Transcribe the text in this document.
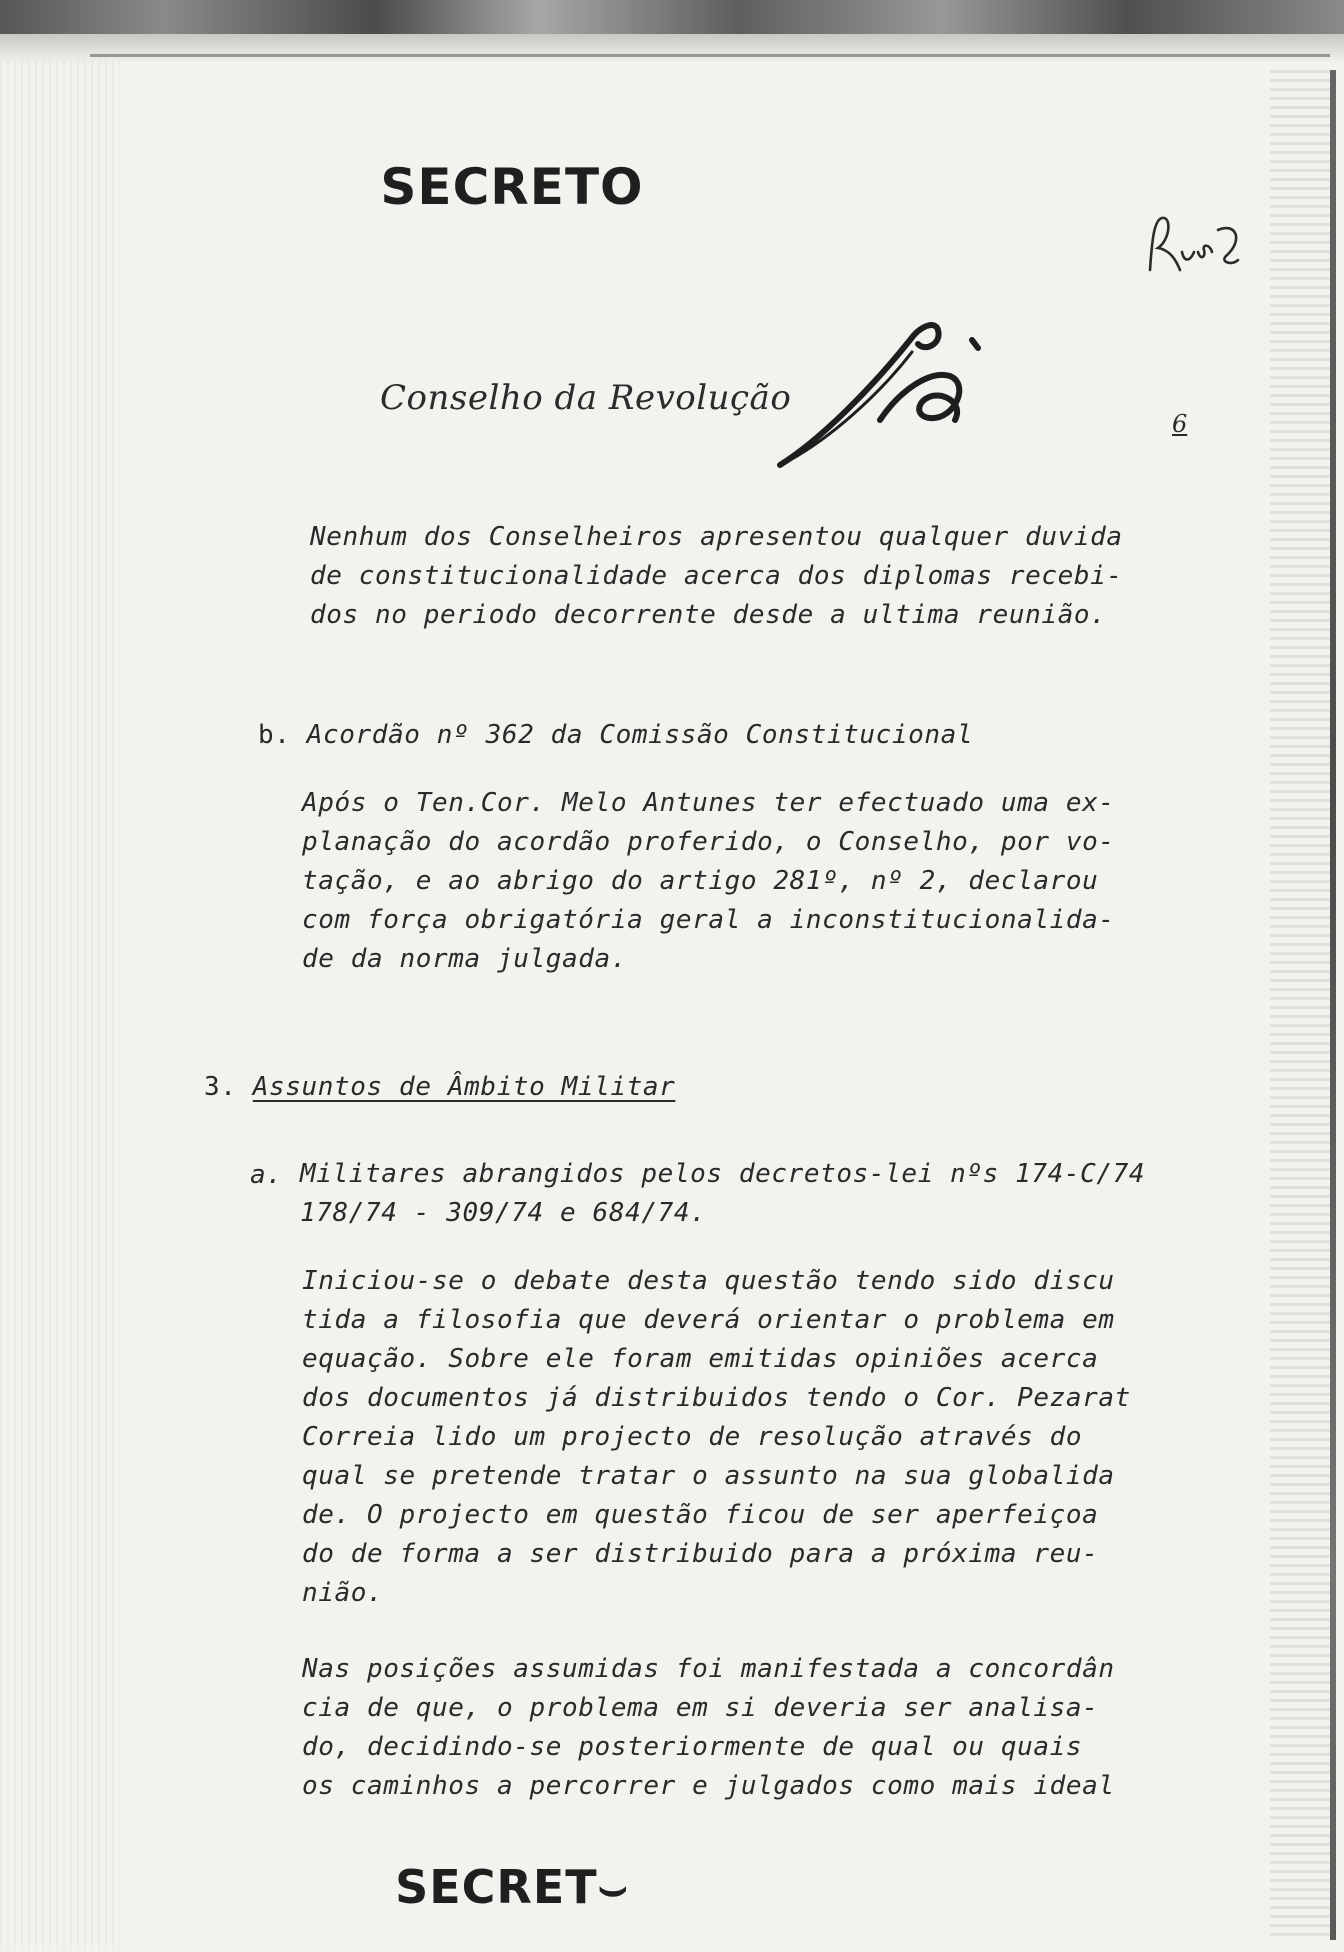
SECRETO
Conselho da Revolução
6

Nenhum dos Conselheiros apresentou qualquer duvida
de constitucionalidade acerca dos diplomas recebi-
dos no periodo decorrente desde a ultima reunião.

b. Acordão nº 362 da Comissão Constitucional

Após o Ten.Cor. Melo Antunes ter efectuado uma ex-
planação do acordão proferido, o Conselho, por vo-
tação, e ao abrigo do artigo 281º, nº 2, declarou
com força obrigatória geral a inconstitucionalida-
de da norma julgada.

3. Assuntos de Âmbito Militar
a. Militares abrangidos pelos decretos-lei nºs 174-C/74
178/74 - 309/74 e 684/74.

Iniciou-se o debate desta questão tendo sido discu
tida a filosofia que deverá orientar o problema em
equação. Sobre ele foram emitidas opiniões acerca
dos documentos já distribuidos tendo o Cor. Pezarat
Correia lido um projecto de resolução através do
qual se pretende tratar o assunto na sua globalida
de. O projecto em questão ficou de ser aperfeiçoa
do de forma a ser distribuido para a próxima reu-
nião.

Nas posições assumidas foi manifestada a concordân
cia de que, o problema em si deveria ser analisa-
do, decidindo-se posteriormente de qual ou quais
os caminhos a percorrer e julgados como mais ideal

SECRET⌣
